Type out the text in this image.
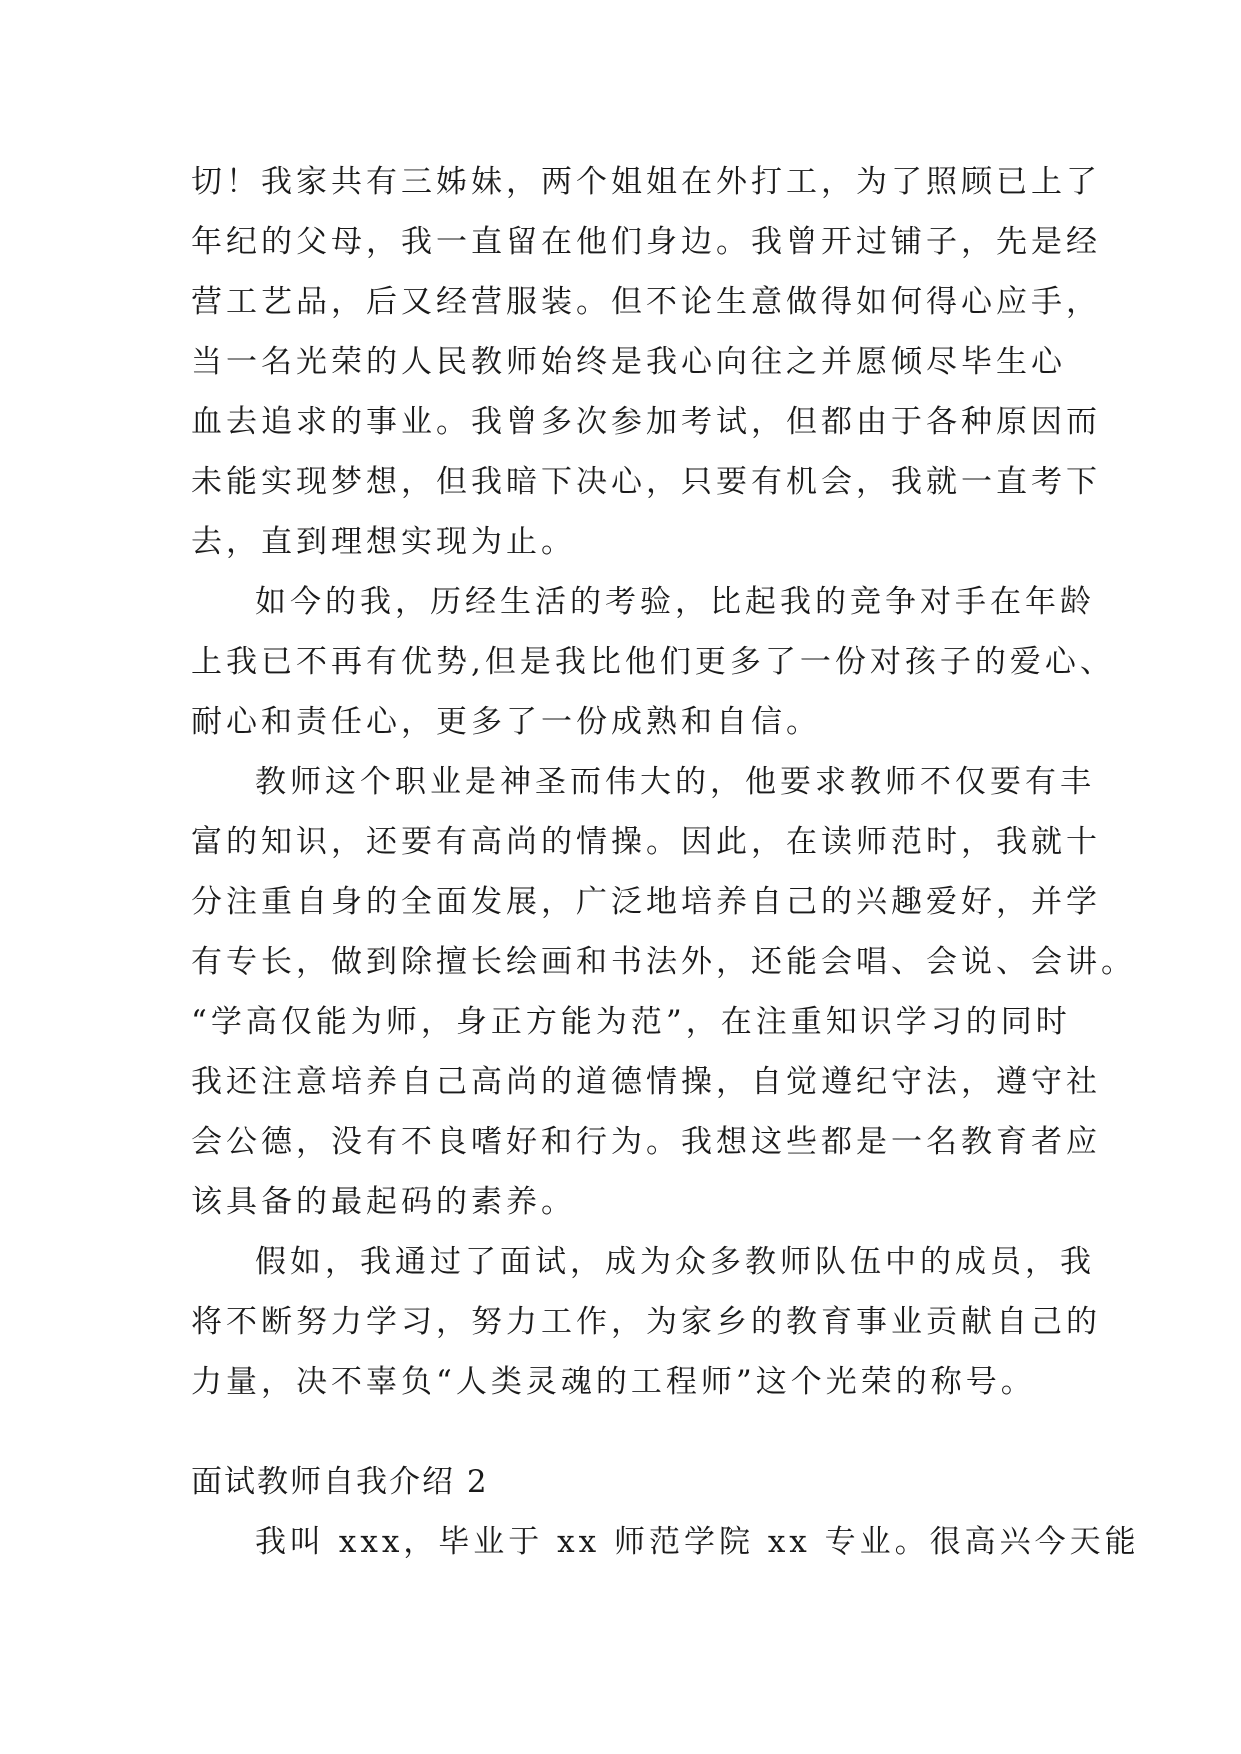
切！我家共有三姊妹，两个姐姐在外打工，为了照顾已上了
年纪的父母，我一直留在他们身边。我曾开过铺子，先是经
营工艺品，后又经营服装。但不论生意做得如何得心应手，
当一名光荣的人民教师始终是我心向往之并愿倾尽毕生心
血去追求的事业。我曾多次参加考试，但都由于各种原因而
未能实现梦想，但我暗下决心，只要有机会，我就一直考下
去，直到理想实现为止。
如今的我，历经生活的考验，比起我的竞争对手在年龄
上我已不再有优势,但是我比他们更多了一份对孩子的爱心、
耐心和责任心，更多了一份成熟和自信。
教师这个职业是神圣而伟大的，他要求教师不仅要有丰
富的知识，还要有高尚的情操。因此，在读师范时，我就十
分注重自身的全面发展，广泛地培养自己的兴趣爱好，并学
有专长，做到除擅长绘画和书法外，还能会唱、会说、会讲。
“学高仅能为师，身正方能为范”，在注重知识学习的同时
我还注意培养自己高尚的道德情操，自觉遵纪守法，遵守社
会公德，没有不良嗜好和行为。我想这些都是一名教育者应
该具备的最起码的素养。
假如，我通过了面试，成为众多教师队伍中的成员，我
将不断努力学习，努力工作，为家乡的教育事业贡献自己的
力量，决不辜负“人类灵魂的工程师”这个光荣的称号。
面试教师自我介绍 2
我叫 xxx，毕业于 xx 师范学院 xx 专业。很高兴今天能
